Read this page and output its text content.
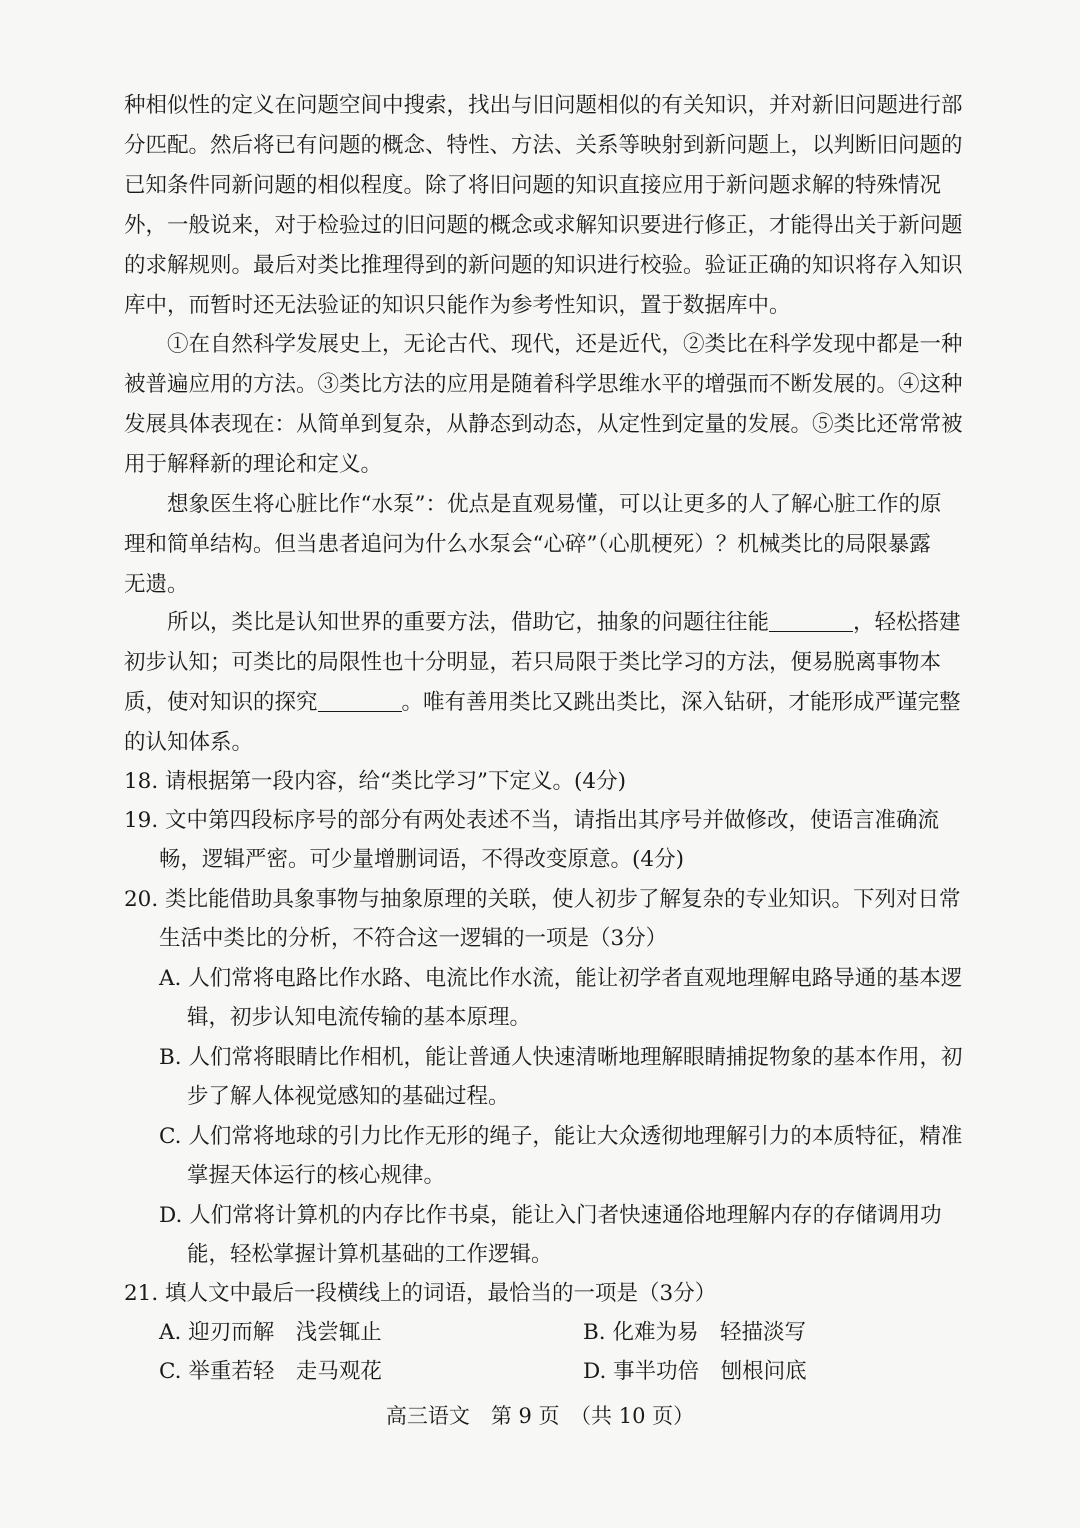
种相似性的定义在问题空间中搜索，找出与旧问题相似的有关知识，并对新旧问题进行部
分匹配。然后将已有问题的概念、特性、方法、关系等映射到新问题上，以判断旧问题的
已知条件同新问题的相似程度。除了将旧问题的知识直接应用于新问题求解的特殊情况
外，一般说来，对于检验过的旧问题的概念或求解知识要进行修正，才能得出关于新问题
的求解规则。最后对类比推理得到的新问题的知识进行校验。验证正确的知识将存入知识
库中，而暂时还无法验证的知识只能作为参考性知识，置于数据库中。
①在自然科学发展史上，无论古代、现代，还是近代，②类比在科学发现中都是一种
被普遍应用的方法。③类比方法的应用是随着科学思维水平的增强而不断发展的。④这种
发展具体表现在：从简单到复杂，从静态到动态，从定性到定量的发展。⑤类比还常常被
用于解释新的理论和定义。
想象医生将心脏比作“水泵”：优点是直观易懂，可以让更多的人了解心脏工作的原
理和简单结构。但当患者追问为什么水泵会“心碎”（心肌梗死）？机械类比的局限暴露
无遗。
所以，类比是认知世界的重要方法，借助它，抽象的问题往往能	，轻松搭建
初步认知；可类比的局限性也十分明显，若只局限于类比学习的方法，便易脱离事物本
质，使对知识的探究	。唯有善用类比又跳出类比，深入钻研，才能形成严谨完整
的认知体系。
18. 请根据第一段内容，给“类比学习”下定义。(4分)
19. 文中第四段标序号的部分有两处表述不当，请指出其序号并做修改，使语言准确流
畅，逻辑严密。可少量增删词语，不得改变原意。(4分)
20. 类比能借助具象事物与抽象原理的关联，使人初步了解复杂的专业知识。下列对日常
生活中类比的分析，不符合这一逻辑的一项是（3分）
A. 人们常将电路比作水路、电流比作水流，能让初学者直观地理解电路导通的基本逻
辑，初步认知电流传输的基本原理。
B. 人们常将眼睛比作相机，能让普通人快速清晰地理解眼睛捕捉物象的基本作用，初
步了解人体视觉感知的基础过程。
C. 人们常将地球的引力比作无形的绳子，能让大众透彻地理解引力的本质特征，精准
掌握天体运行的核心规律。
D. 人们常将计算机的内存比作书桌，能让入门者快速通俗地理解内存的存储调用功
能，轻松掌握计算机基础的工作逻辑。
21. 填人文中最后一段横线上的词语，最恰当的一项是（3分）
A. 迎刃而解　浅尝辄止	B. 化难为易　轻描淡写
C. 举重若轻　走马观花	D. 事半功倍　刨根问底
高三语文　第 9 页　（共 10 页）
